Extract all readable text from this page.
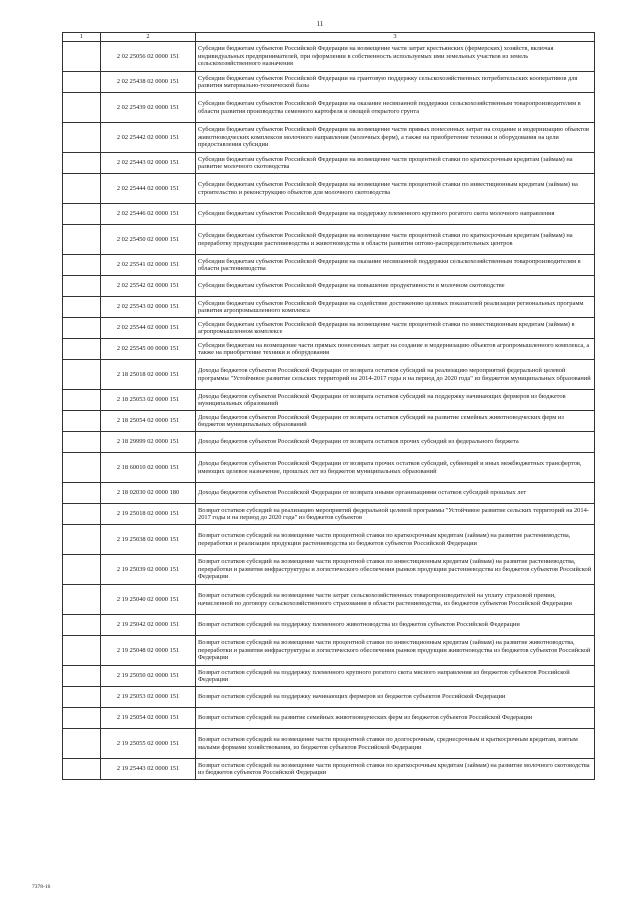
11
1	2	3
	2 02 25056 02 0000 151	Субсидии бюджетам субъектов Российской Федерации на возмещение части затрат крестьянских (фермерских) хозяйств, включая индивидуальных предпринимателей, при оформлении в собственность используемых ими земельных участков из земель сельскохозяйственного назначения
	2 02 25438 02 0000 151	Субсидии бюджетам субъектов Российской Федерации на грантовую поддержку сельскохозяйственных потребительских кооперативов для развития материально-технической базы
	2 02 25439 02 0000 151	Субсидии бюджетам субъектов Российской Федерации на оказание несвязанной поддержки сельскохозяйственным товаропроизводителям в области развития производства семенного картофеля и овощей открытого грунта
	2 02 25442 02 0000 151	Субсидии бюджетам субъектов Российской Федерации на возмещение части прямых понесенных затрат на создание и модернизацию объектов животноводческих комплексов молочного направления (молочных ферм), а также на приобретение техники и оборудования на цели предоставления субсидии
	2 02 25443 02 0000 151	Субсидии бюджетам субъектов Российской Федерации на возмещение части процентной ставки по краткосрочным кредитам (займам) на развитие молочного скотоводства
	2 02 25444 02 0000 151	Субсидии бюджетам субъектов Российской Федерации на возмещение части процентной ставки по инвестиционным кредитам (займам) на строительство и реконструкцию объектов для молочного скотоводства
	2 02 25446 02 0000 151	Субсидии бюджетам субъектов Российской Федерации на поддержку племенного крупного рогатого скота молочного направления
	2 02 25450 02 0000 151	Субсидии бюджетам субъектов Российской Федерации на возмещение части процентной ставки по краткосрочным кредитам (займам) на переработку продукции растениеводства и животноводства в области развития оптово-распределительных центров
	2 02 25541 02 0000 151	Субсидии бюджетам субъектов Российской Федерации на оказание несвязанной поддержки сельскохозяйственным товаропроизводителям в области растениеводства
	2 02 25542 02 0000 151	Субсидии бюджетам субъектов Российской Федерации на повышение продуктивности в молочном скотоводстве
	2 02 25543 02 0000 151	Субсидии бюджетам субъектов Российской Федерации на содействие достижению целевых показателей реализации региональных программ развития агропромышленного комплекса
	2 02 25544 02 0000 151	Субсидии бюджетам субъектов Российской Федерации на возмещение части процентной ставки по инвестиционным кредитам (займам) в агропромышленном комплексе
	2 02 25545 00 0000 151	Субсидии бюджетам на возмещение части прямых понесенных затрат на создание и модернизацию объектов агропромышленного комплекса, а также на приобретение техники и оборудования
	2 18 25018 02 0000 151	Доходы бюджетов субъектов Российской Федерации от возврата остатков субсидий на реализацию мероприятий федеральной целевой программы "Устойчивое развитие сельских территорий на 2014-2017 годы и на период до 2020 года" из бюджетов муниципальных образований
	2 18 25053 02 0000 151	Доходы бюджетов субъектов Российской Федерации от возврата остатков субсидий на поддержку начинающих фермеров из бюджетов муниципальных образований
	2 18 25054 02 0000 151	Доходы бюджетов субъектов Российской Федерации от возврата остатков субсидий на развитие семейных животноводческих ферм из бюджетов муниципальных образований
	2 18 29999 02 0000 151	Доходы бюджетов субъектов Российской Федерации от возврата остатков прочих субсидий из федерального бюджета
	2 18 60010 02 0000 151	Доходы бюджетов субъектов Российской Федерации от возврата прочих остатков субсидий, субвенций и иных межбюджетных трансфертов, имеющих целевое назначение, прошлых лет из бюджетов муниципальных образований
	2 18 02030 02 0000 180	Доходы бюджетов субъектов Российской Федерации от возврата иными организациями остатков субсидий прошлых лет
	2 19 25018 02 0000 151	Возврат остатков субсидий на реализацию мероприятий федеральной целевой программы "Устойчивое развитие сельских территорий на 2014-2017 годы и на период до 2020 года" из бюджетов субъектов
	2 19 25038 02 0000 151	Возврат остатков субсидий на возмещение части процентной ставки по краткосрочным кредитам (займам) на развитие растениеводства, переработки и реализации продукции растениеводства из бюджетов субъектов Российской Федерации
	2 19 25039 02 0000 151	Возврат остатков субсидий на возмещение части процентной ставки по инвестиционным кредитам (займам) на развитие растениеводства, переработки и развития инфраструктуры и логистического обеспечения рынков продукции растениеводства из бюджетов субъектов Российской Федерации
	2 19 25040 02 0000 151	Возврат остатков субсидий на возмещение части затрат сельскохозяйственных товаропроизводителей на уплату страховой премии, начисленной по договору сельскохозяйственного страхования в области растениеводства, из бюджетов субъектов Российской Федерации
	2 19 25042 02 0000 151	Возврат остатков субсидий на поддержку племенного животноводства из бюджетов субъектов Российской Федерации
	2 19 25048 02 0000 151	Возврат остатков субсидий на возмещение части процентной ставки по инвестиционным кредитам (займам) на развитие животноводства, переработки и развития инфраструктуры и логистического обеспечения рынков продукции животноводства из бюджетов субъектов Российской Федерации
	2 19 25050 02 0000 151	Возврат остатков субсидий на поддержку племенного крупного рогатого скота мясного направления из бюджетов субъектов Российской Федерации
	2 19 25053 02 0000 151	Возврат остатков субсидий на поддержку начинающих фермеров из бюджетов субъектов Российской Федерации
	2 19 25054 02 0000 151	Возврат остатков субсидий на развитие семейных животноводческих ферм из бюджетов субъектов Российской Федерации
	2 19 25055 02 0000 151	Возврат остатков субсидий на возмещение части процентной ставки по долгосрочным, среднесрочным и краткосрочным кредитам, взятым малыми формами хозяйствования, из бюджетов субъектов Российской Федерации
	2 19 25443 02 0000 151	Возврат остатков субсидий на возмещение части процентной ставки по краткосрочным кредитам (займам) на развитие молочного скотоводства из бюджетов субъектов Российской Федерации
7378-16
